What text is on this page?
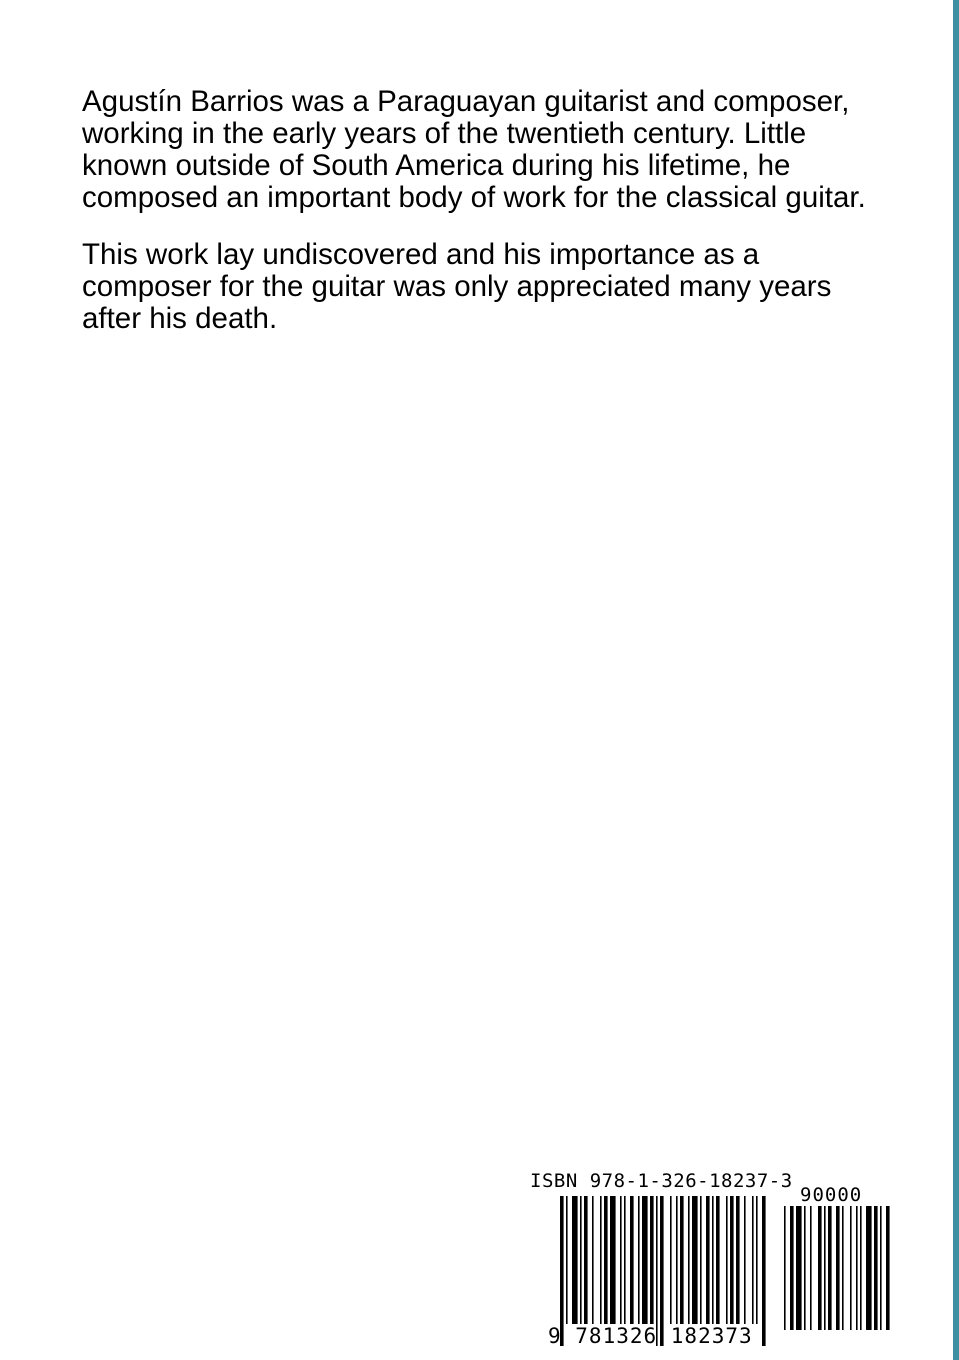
Agustín Barrios was a Paraguayan guitarist and composer, working in the early years of the twentieth century. Little known outside of South America during his lifetime, he composed an important body of work for the classical guitar.

This work lay undiscovered and his importance as a composer for the guitar was only appreciated many years after his death.

ISBN 978-1-326-18237-3
90000
9 781326 182373
